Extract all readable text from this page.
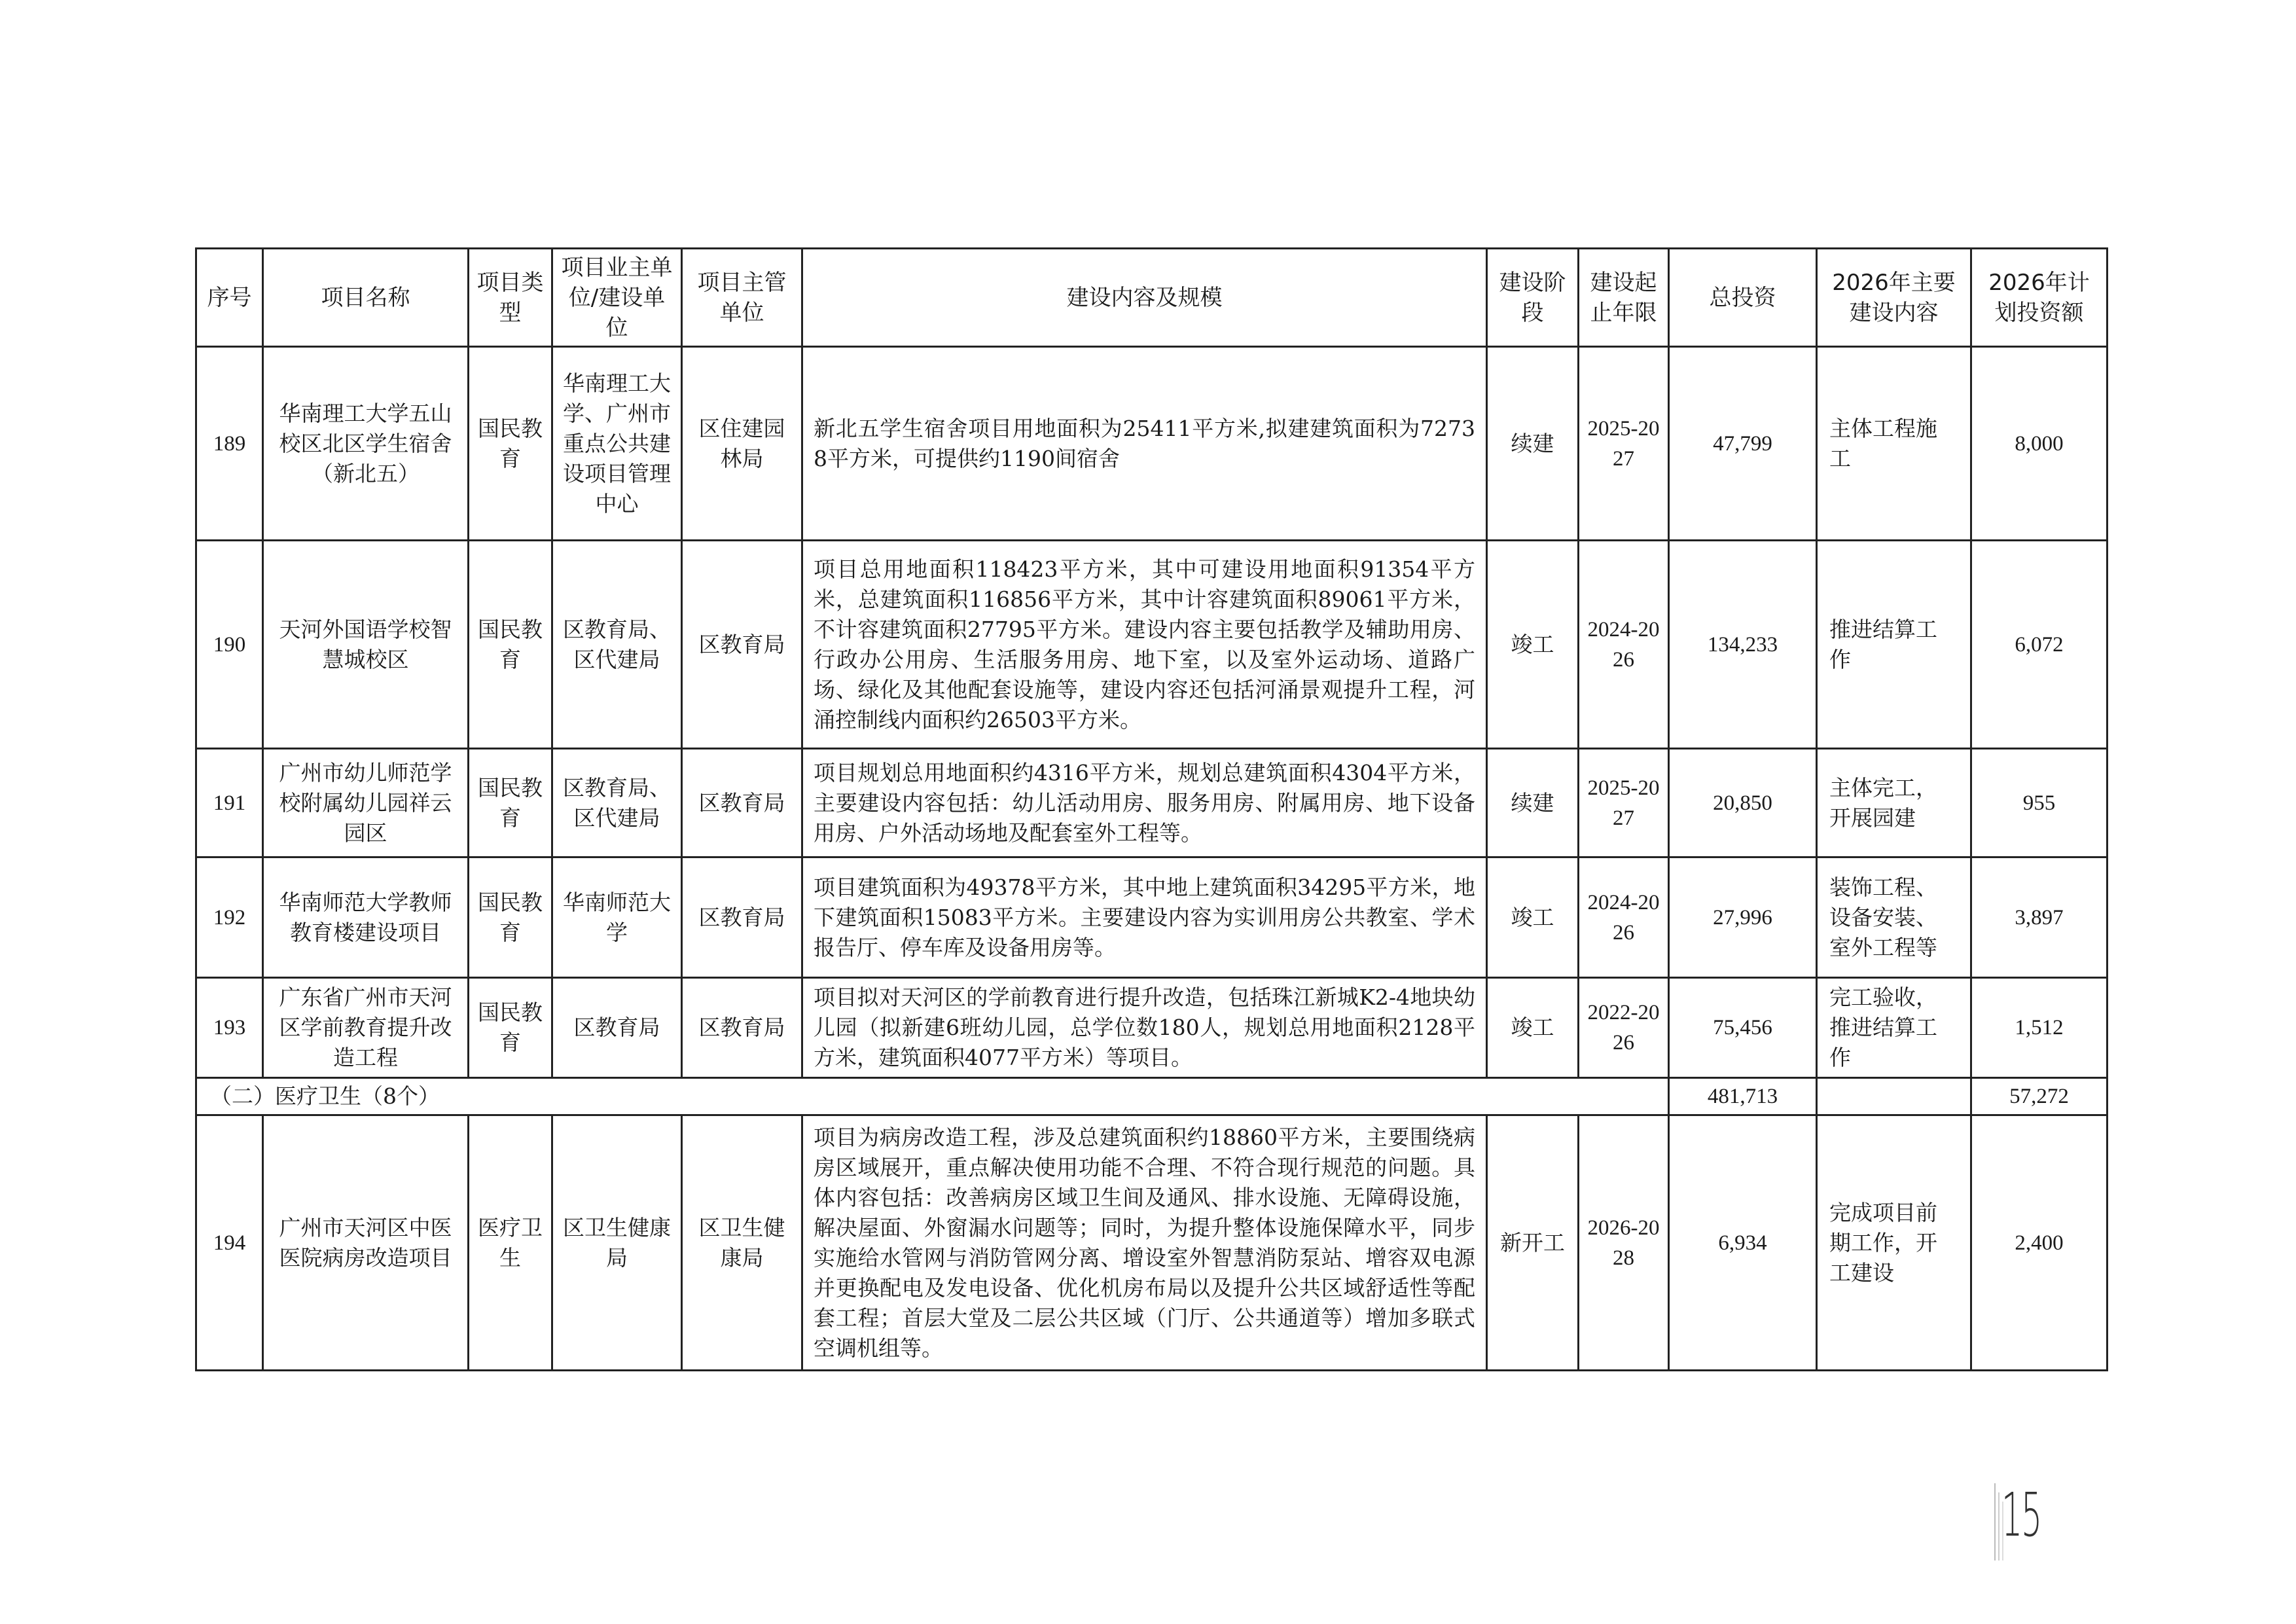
序号	项目名称	项目类型	项目业主单位/建设单位	项目主管单位	建设内容及规模	建设阶段	建设起止年限	总投资	2026年主要建设内容	2026年计划投资额
189	华南理工大学五山校区北区学生宿舍（新北五）	国民教育	华南理工大学、广州市重点公共建设项目管理中心	区住建园林局	新北五学生宿舍项目用地面积为25411平方米,拟建建筑面积为72738平方米，可提供约1190间宿舍	续建	2025-2027	47,799	主体工程施工	8,000
190	天河外国语学校智慧城校区	国民教育	区教育局、区代建局	区教育局	项目总用地面积118423平方米，其中可建设用地面积91354平方米，总建筑面积116856平方米，其中计容建筑面积89061平方米，不计容建筑面积27795平方米。建设内容主要包括教学及辅助用房、行政办公用房、生活服务用房、地下室，以及室外运动场、道路广场、绿化及其他配套设施等，建设内容还包括河涌景观提升工程，河涌控制线内面积约26503平方米。	竣工	2024-2026	134,233	推进结算工作	6,072
191	广州市幼儿师范学校附属幼儿园祥云园区	国民教育	区教育局、区代建局	区教育局	项目规划总用地面积约4316平方米，规划总建筑面积4304平方米，主要建设内容包括：幼儿活动用房、服务用房、附属用房、地下设备用房、户外活动场地及配套室外工程等。	续建	2025-2027	20,850	主体完工，开展园建	955
192	华南师范大学教师教育楼建设项目	国民教育	华南师范大学	区教育局	项目建筑面积为49378平方米，其中地上建筑面积34295平方米，地下建筑面积15083平方米。主要建设内容为实训用房公共教室、学术报告厅、停车库及设备用房等。	竣工	2024-2026	27,996	装饰工程、设备安装、室外工程等	3,897
193	广东省广州市天河区学前教育提升改造工程	国民教育	区教育局	区教育局	项目拟对天河区的学前教育进行提升改造，包括珠江新城K2-4地块幼儿园（拟新建6班幼儿园，总学位数180人，规划总用地面积2128平方米，建筑面积4077平方米）等项目。	竣工	2022-2026	75,456	完工验收，推进结算工作	1,512
（二）医疗卫生（8个）								481,713		57,272
194	广州市天河区中医医院病房改造项目	医疗卫生	区卫生健康局	区卫生健康局	项目为病房改造工程，涉及总建筑面积约18860平方米，主要围绕病房区域展开，重点解决使用功能不合理、不符合现行规范的问题。具体内容包括：改善病房区域卫生间及通风、排水设施、无障碍设施，解决屋面、外窗漏水问题等；同时，为提升整体设施保障水平，同步实施给水管网与消防管网分离、增设室外智慧消防泵站、增容双电源并更换配电及发电设备、优化机房布局以及提升公共区域舒适性等配套工程；首层大堂及二层公共区域（门厅、公共通道等）增加多联式空调机组等。	新开工	2026-2028	6,934	完成项目前期工作，开工建设	2,400
15
